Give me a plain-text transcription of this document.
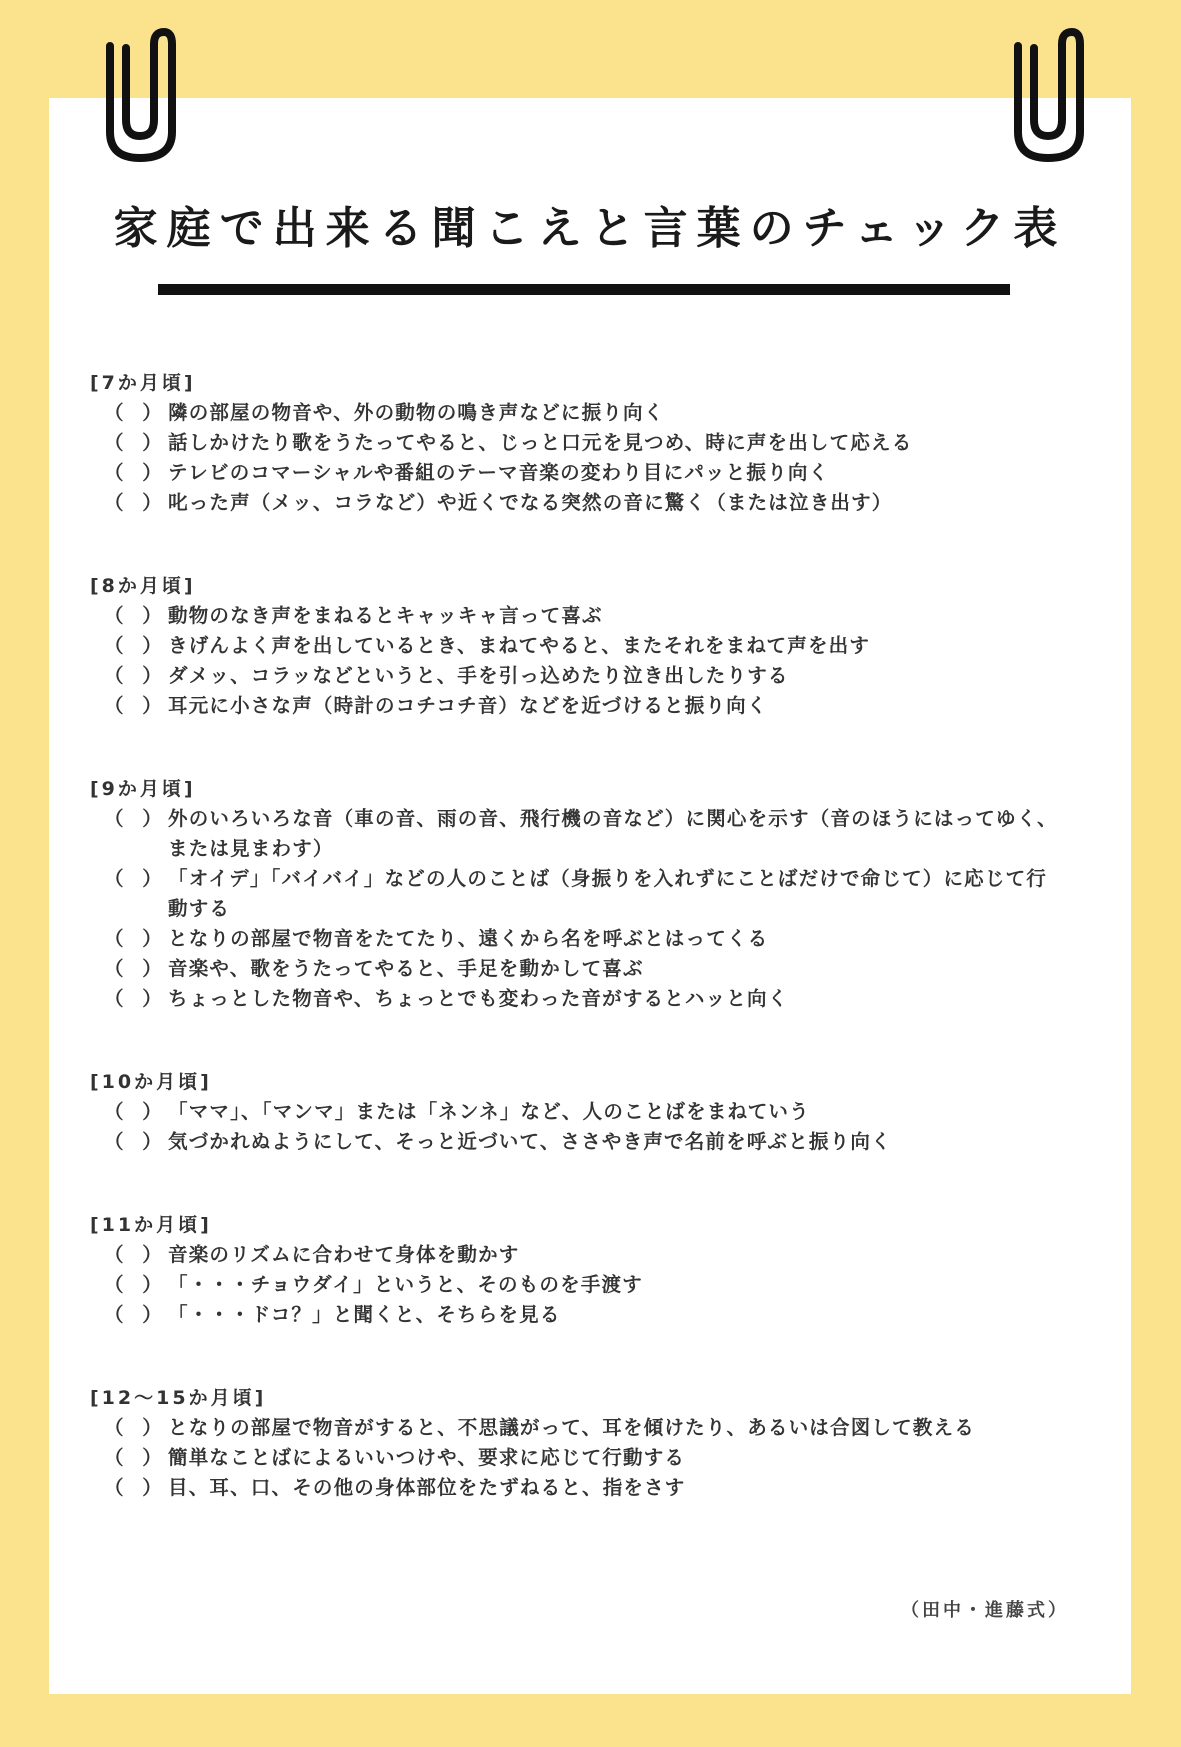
家庭で出来る聞こえと言葉のチェック表
[7か月頃]
（ ） 隣の部屋の物音や、外の動物の鳴き声などに振り向く
（ ） 話しかけたり歌をうたってやると、じっと口元を見つめ、時に声を出して応える
（ ） テレビのコマーシャルや番組のテーマ音楽の変わり目にパッと振り向く
（ ） 叱った声（メッ、コラなど）や近くでなる突然の音に驚く（または泣き出す）
[8か月頃]
（ ） 動物のなき声をまねるとキャッキャ言って喜ぶ
（ ） きげんよく声を出しているとき、まねてやると、またそれをまねて声を出す
（ ） ダメッ、コラッなどというと、手を引っ込めたり泣き出したりする
（ ） 耳元に小さな声（時計のコチコチ音）などを近づけると振り向く
[9か月頃]
（ ） 外のいろいろな音（車の音、雨の音、飛行機の音など）に関心を示す（音のほうにはってゆく、または見まわす）
（ ） 「オイデ」「バイバイ」などの人のことば（身振りを入れずにことばだけで命じて）に応じて行動する
（ ） となりの部屋で物音をたてたり、遠くから名を呼ぶとはってくる
（ ） 音楽や、歌をうたってやると、手足を動かして喜ぶ
（ ） ちょっとした物音や、ちょっとでも変わった音がするとハッと向く
[10か月頃]
（ ） 「ママ」、「マンマ」または「ネンネ」など、人のことばをまねていう
（ ） 気づかれぬようにして、そっと近づいて、ささやき声で名前を呼ぶと振り向く
[11か月頃]
（ ） 音楽のリズムに合わせて身体を動かす
（ ） 「・・・チョウダイ」というと、そのものを手渡す
（ ） 「・・・ドコ？」と聞くと、そちらを見る
[12～15か月頃]
（ ） となりの部屋で物音がすると、不思議がって、耳を傾けたり、あるいは合図して教える
（ ） 簡単なことばによるいいつけや、要求に応じて行動する
（ ） 目、耳、口、その他の身体部位をたずねると、指をさす
（田中・進藤式）
